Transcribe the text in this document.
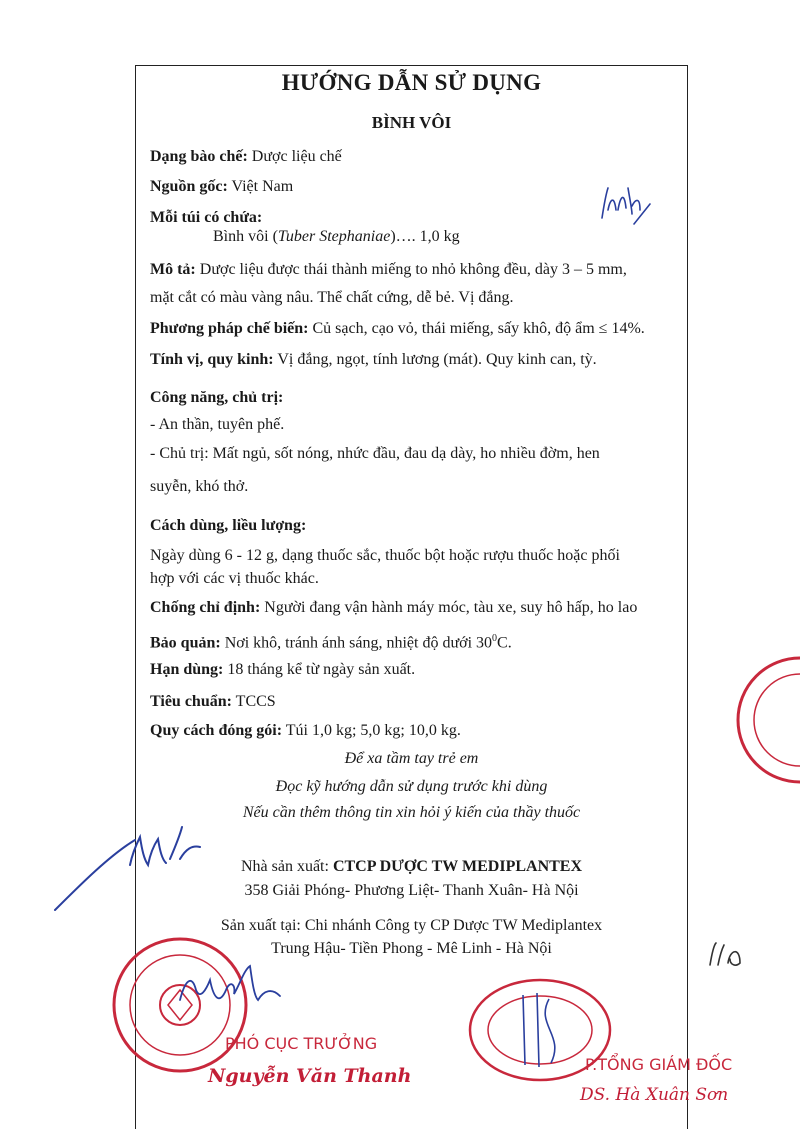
HƯỚNG DẪN SỬ DỤNG
BÌNH VÔI
Dạng bào chế: Dược liệu chế
Nguồn gốc: Việt Nam
Mỗi túi có chứa:
Bình vôi (Tuber Stephaniae)…. 1,0 kg
Mô tả: Dược liệu được thái thành miếng to nhỏ không đều, dày 3 – 5 mm,
mặt cắt có màu vàng nâu. Thể chất cứng, dễ bẻ. Vị đắng.
Phương pháp chế biến: Củ sạch, cạo vỏ, thái miếng, sấy khô, độ ẩm ≤ 14%.
Tính vị, quy kinh: Vị đắng, ngọt, tính lương (mát). Quy kinh can, tỳ.
Công năng, chủ trị:
- An thần, tuyên phế.
- Chủ trị: Mất ngủ, sốt nóng, nhức đầu, đau dạ dày, ho nhiều đờm, hen
suyễn, khó thở.
Cách dùng, liều lượng:
Ngày dùng 6 - 12 g, dạng thuốc sắc, thuốc bột hoặc rượu thuốc hoặc phối
hợp với các vị thuốc khác.
Chống chỉ định: Người đang vận hành máy móc, tàu xe, suy hô hấp, ho lao
Bảo quản: Nơi khô, tránh ánh sáng, nhiệt độ dưới $30^0C$.
Hạn dùng: 18 tháng kể từ ngày sản xuất.
Tiêu chuẩn: TCCS
Quy cách đóng gói: Túi 1,0 kg; 5,0 kg; 10,0 kg.
Để xa tầm tay trẻ em
Đọc kỹ hướng dẫn sử dụng trước khi dùng
Nếu cần thêm thông tin xin hỏi ý kiến của thầy thuốc
Nhà sản xuất: CTCP DƯỢC TW MEDIPLANTEX
358 Giải Phóng- Phương Liệt- Thanh Xuân- Hà Nội
Sản xuất tại: Chi nhánh Công ty CP Dược TW Mediplantex
Trung Hậu- Tiền Phong - Mê Linh - Hà Nội
PHÓ CỤC TRƯỞNG
Nguyễn Văn Thanh
P.TỔNG GIÁM ĐỐC
DS. Hà Xuân Sơn
